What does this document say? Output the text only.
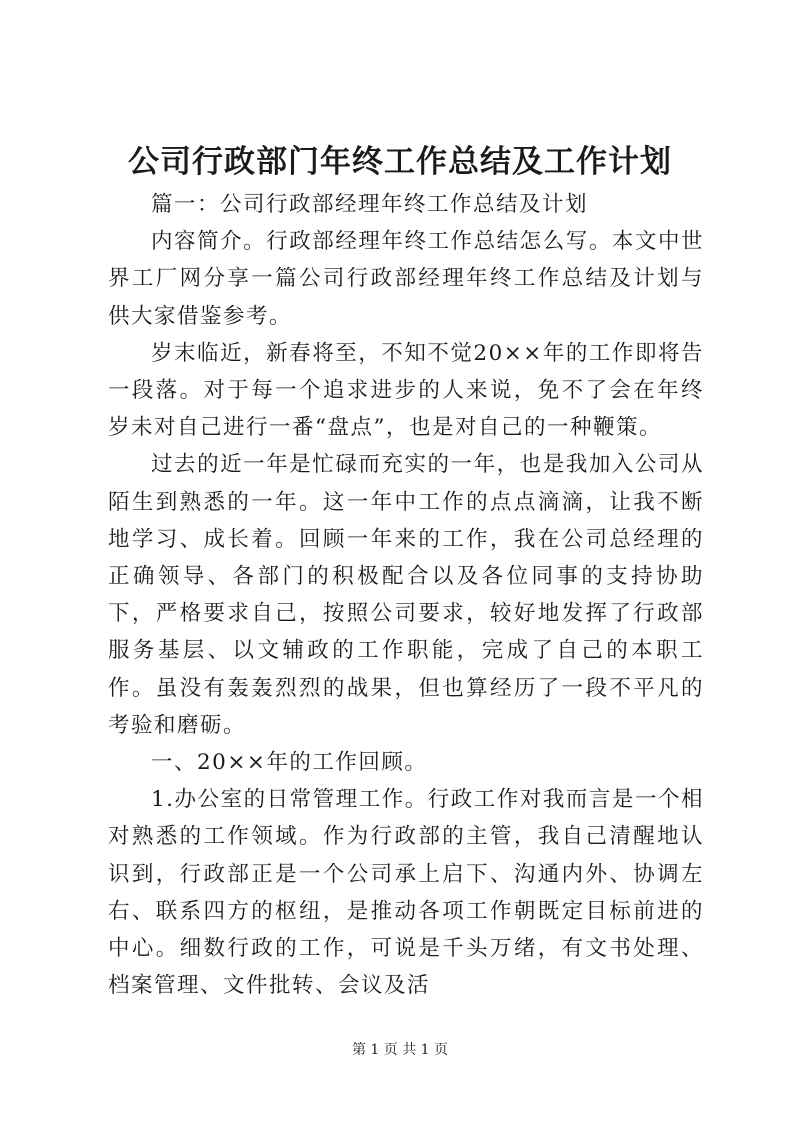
公司行政部门年终工作总结及工作计划

篇一：公司行政部经理年终工作总结及计划

内容简介。行政部经理年终工作总结怎么写。本文中世界工厂网分享一篇公司行政部经理年终工作总结及计划与供大家借鉴参考。

岁末临近，新春将至，不知不觉20××年的工作即将告一段落。对于每一个追求进步的人来说，免不了会在年终岁未对自己进行一番“盘点”，也是对自己的一种鞭策。

过去的近一年是忙碌而充实的一年，也是我加入公司从陌生到熟悉的一年。这一年中工作的点点滴滴，让我不断地学习、成长着。回顾一年来的工作，我在公司总经理的正确领导、各部门的积极配合以及各位同事的支持协助下，严格要求自己，按照公司要求，较好地发挥了行政部服务基层、以文辅政的工作职能，完成了自己的本职工作。虽没有轰轰烈烈的战果，但也算经历了一段不平凡的考验和磨砺。

一、20××年的工作回顾。

1.办公室的日常管理工作。行政工作对我而言是一个相对熟悉的工作领域。作为行政部的主管，我自己清醒地认识到，行政部正是一个公司承上启下、沟通内外、协调左右、联系四方的枢纽，是推动各项工作朝既定目标前进的中心。细数行政的工作，可说是千头万绪，有文书处理、档案管理、文件批转、会议及活

第 1 页 共 1 页
